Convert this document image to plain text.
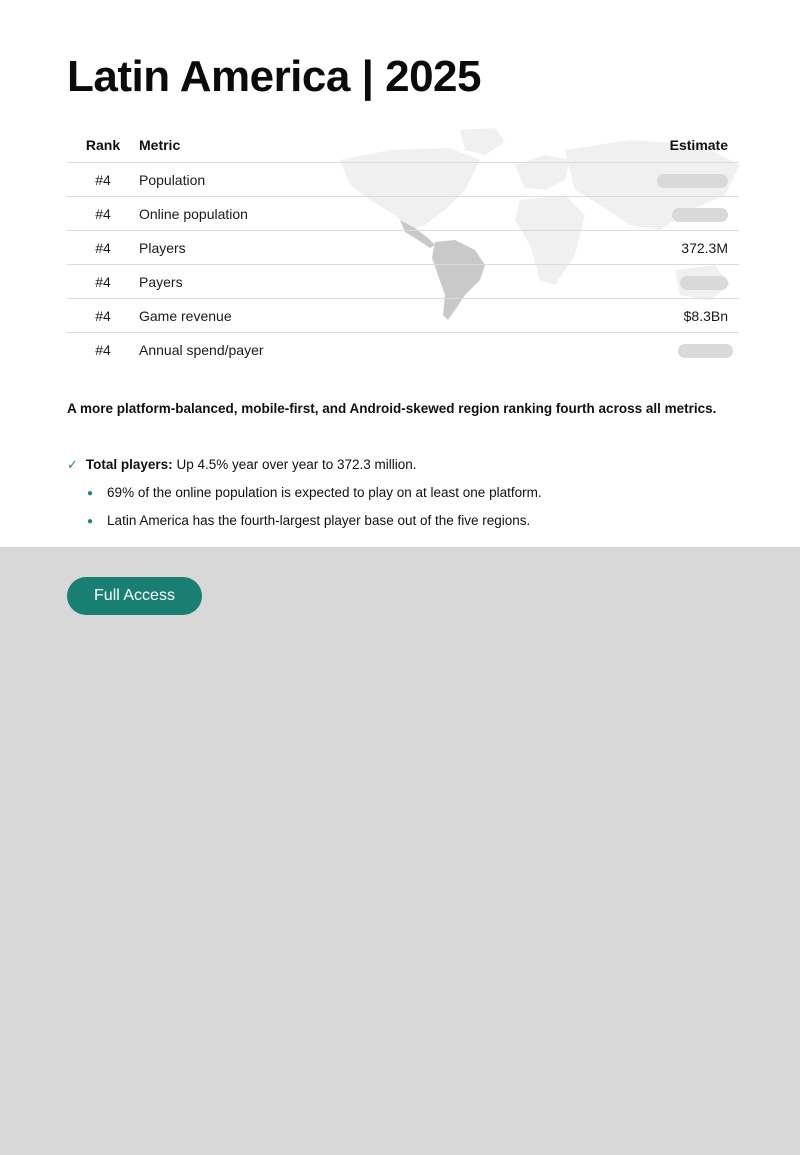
Latin America | 2025
Rank	Metric	Estimate
#4	Population	
#4	Online population	
#4	Players	372.3M
#4	Payers	
#4	Game revenue	$8.3Bn
#4	Annual spend/payer	

A more platform-balanced, mobile-first, and Android-skewed region ranking fourth across all metrics.

✓ Total players: Up 4.5% year over year to 372.3 million.
● 69% of the online population is expected to play on at least one platform.
● Latin America has the fourth-largest player base out of the five regions.
Full Access
